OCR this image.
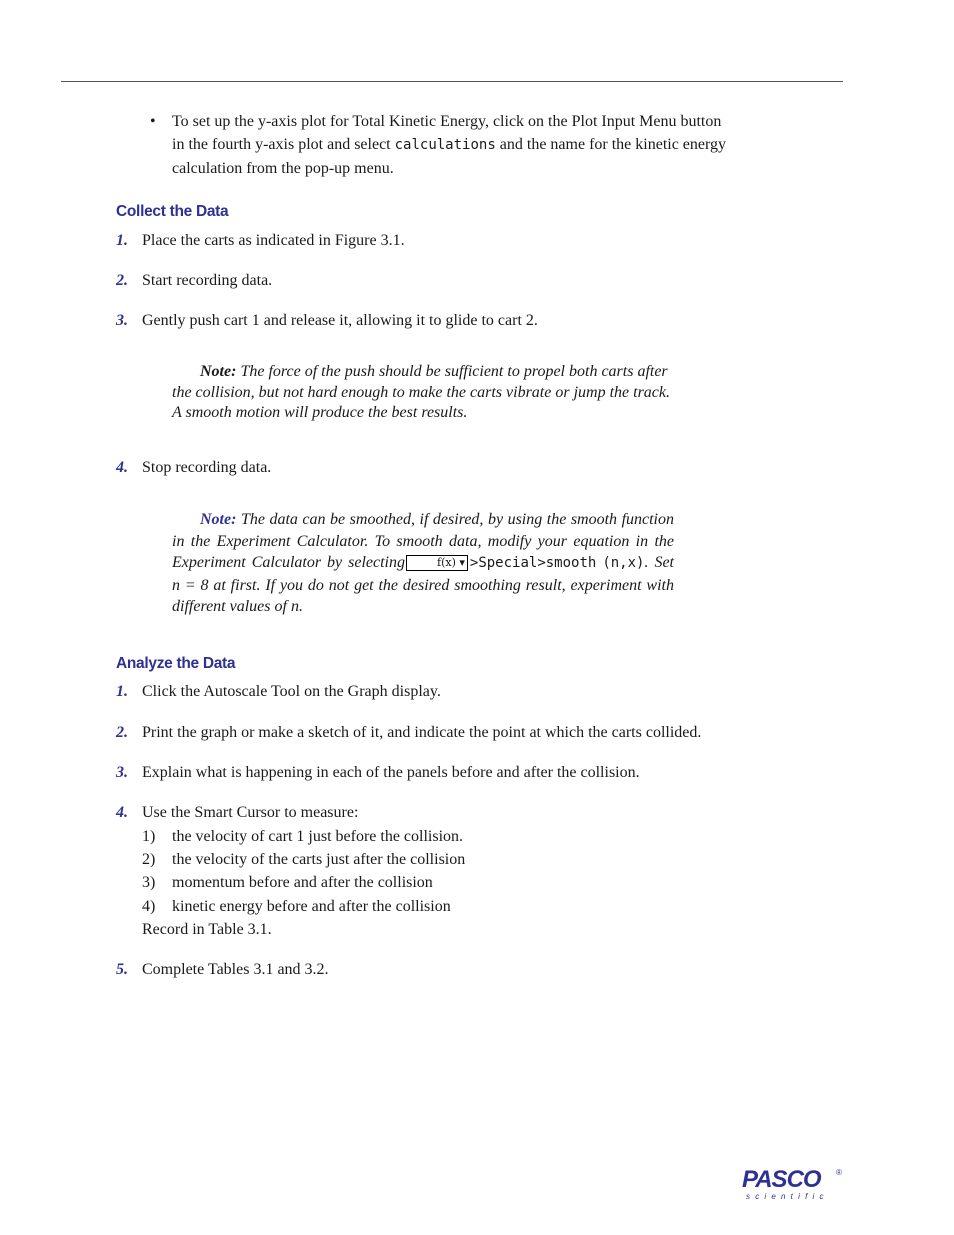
• To set up the y-axis plot for Total Kinetic Energy, click on the Plot Input Menu button
in the fourth y-axis plot and select calculations and the name for the kinetic energy
calculation from the pop-up menu.
Collect the Data
1. Place the carts as indicated in Figure 3.1.
2. Start recording data.
3. Gently push cart 1 and release it, allowing it to glide to cart 2.
Note: The force of the push should be sufficient to propel both carts after the collision, but not hard enough to make the carts vibrate or jump the track. A smooth motion will produce the best results.
4. Stop recording data.
Note: The data can be smoothed, if desired, by using the smooth function in the Experiment Calculator. To smooth data, modify your equation in the Experiment Calculator by selecting	f(x) ▾ >Special>smooth (n,x). Set n = 8 at first. If you do not get the desired smoothing result, experiment with different values of n.
Analyze the Data
1. Click the Autoscale Tool on the Graph display.
2. Print the graph or make a sketch of it, and indicate the point at which the carts collided.
3. Explain what is happening in each of the panels before and after the collision.
4. Use the Smart Cursor to measure:
1) the velocity of cart 1 just before the collision.
2) the velocity of the carts just after the collision
3) momentum before and after the collision
4) kinetic energy before and after the collision
Record in Table 3.1.
5. Complete Tables 3.1 and 3.2.
PASCO
scientific
®
